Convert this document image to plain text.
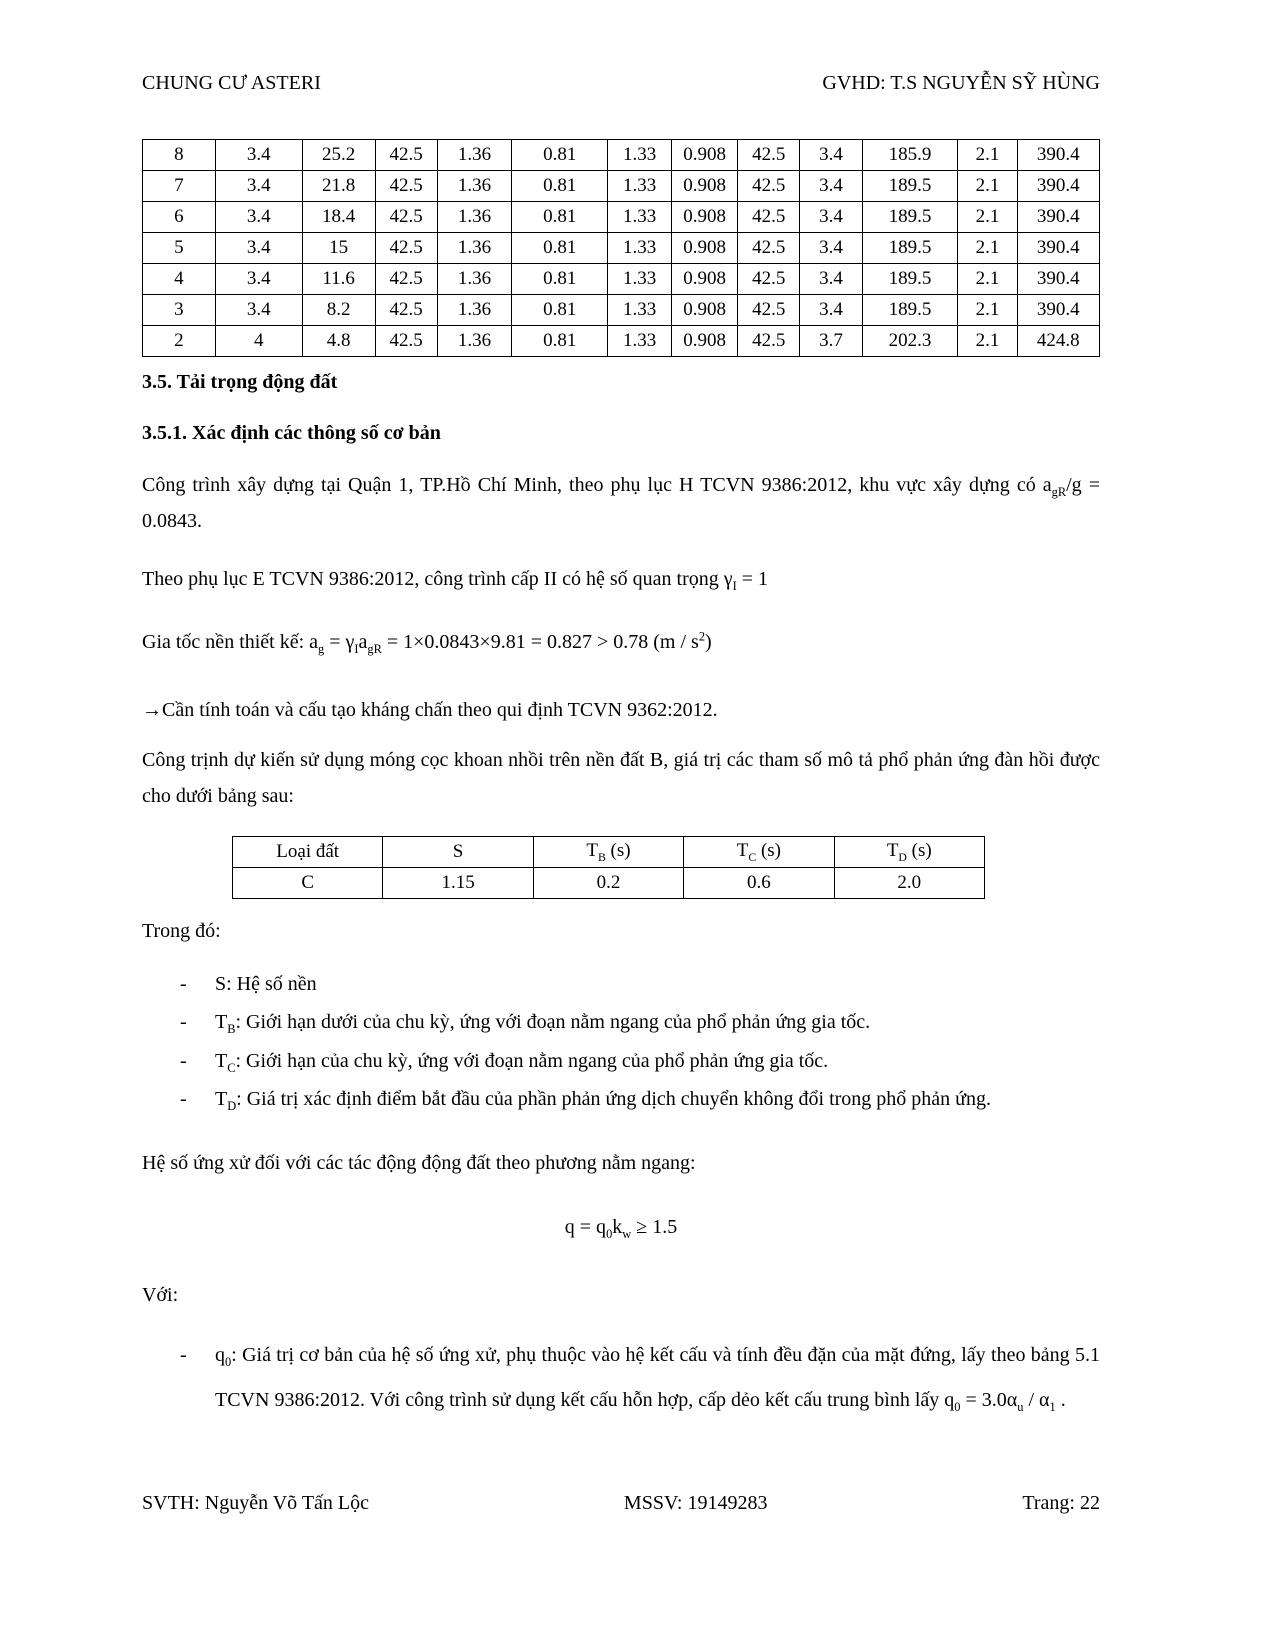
CHUNG CƯ ASTERI	GVHD: T.S NGUYỄN SỸ HÙNG
8	3.4	25.2	42.5	1.36	0.81	1.33	0.908	42.5	3.4	185.9	2.1	390.4
7	3.4	21.8	42.5	1.36	0.81	1.33	0.908	42.5	3.4	189.5	2.1	390.4
6	3.4	18.4	42.5	1.36	0.81	1.33	0.908	42.5	3.4	189.5	2.1	390.4
5	3.4	15	42.5	1.36	0.81	1.33	0.908	42.5	3.4	189.5	2.1	390.4
4	3.4	11.6	42.5	1.36	0.81	1.33	0.908	42.5	3.4	189.5	2.1	390.4
3	3.4	8.2	42.5	1.36	0.81	1.33	0.908	42.5	3.4	189.5	2.1	390.4
2	4	4.8	42.5	1.36	0.81	1.33	0.908	42.5	3.7	202.3	2.1	424.8
3.5. Tải trọng động đất
3.5.1. Xác định các thông số cơ bản

Công trình xây dựng tại Quận 1, TP.Hồ Chí Minh, theo phụ lục H TCVN 9386:2012, khu vực xây dựng có $a_{gR}/g = 0.0843$.

Theo phụ lục E TCVN 9386:2012, công trình cấp II có hệ số quan trọng $\gamma_I = 1$

Gia tốc nền thiết kế: $a_g = \gamma_Ia_{gR} = 1\times 0.0843\times 9.81 = 0.827 > 0.78$ $(m / s^2)$

→Cần tính toán và cấu tạo kháng chấn theo qui định TCVN 9362:2012.

Công trịnh dự kiến sử dụng móng cọc khoan nhồi trên nền đất B, giá trị các tham số mô tả phổ phản ứng đàn hồi được cho dưới bảng sau:

Loại đất	S	$T_B$ (s)	$T_C$ (s)	$T_D$ (s)
C	1.15	0.2	0.6	2.0

Trong đó:

- S: Hệ số nền
- $T_B$: Giới hạn dưới của chu kỳ, ứng với đoạn nằm ngang của phổ phản ứng gia tốc.
- $T_C$: Giới hạn của chu kỳ, ứng với đoạn nằm ngang của phổ phản ứng gia tốc.
- $T_D$: Giá trị xác định điểm bắt đầu của phần phản ứng dịch chuyển không đổi trong phổ phản ứng.

Hệ số ứng xử đối với các tác động động đất theo phương nằm ngang:

$q = q_0k_w \ge 1.5$

Với:

- $q_0$: Giá trị cơ bản của hệ số ứng xử, phụ thuộc vào hệ kết cấu và tính đều đặn của mặt đứng, lấy theo bảng 5.1 TCVN 9386:2012. Với công trình sử dụng kết cấu hỗn hợp, cấp dẻo kết cấu trung bình lấy $q_0 = 3.0\alpha_u / \alpha_1$ .
SVTH: Nguyễn Võ Tấn Lộc	MSSV: 19149283	Trang: 22
